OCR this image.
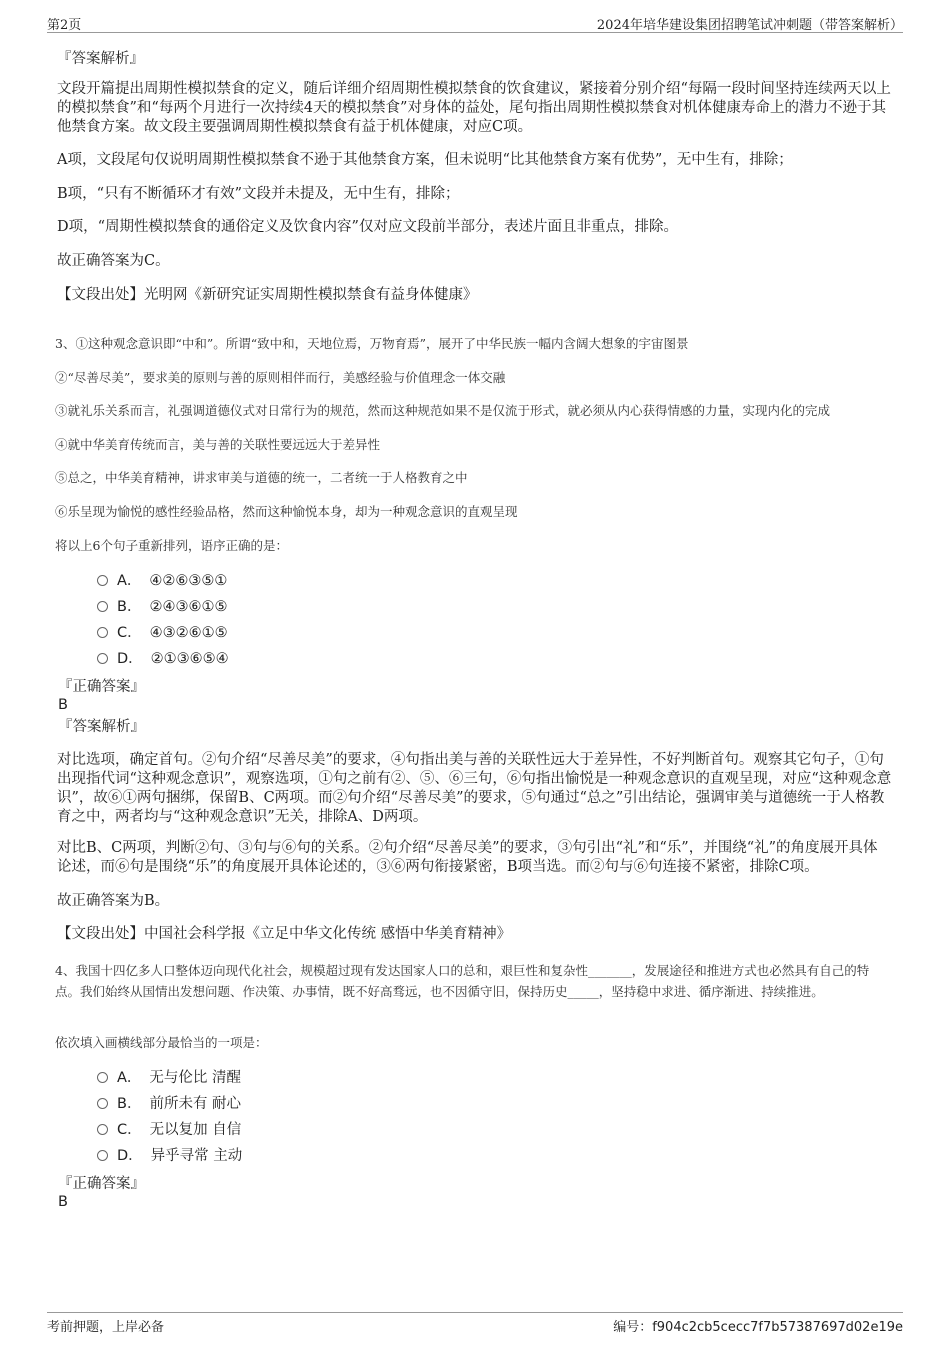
第2页	2024年培华建设集团招聘笔试冲刺题（带答案解析）

『答案解析』

文段开篇提出周期性模拟禁食的定义，随后详细介绍周期性模拟禁食的饮食建议，紧接着分别介绍“每隔一段时间坚持连续两天以上的模拟禁食”和“每两个月进行一次持续4天的模拟禁食”对身体的益处，尾句指出周期性模拟禁食对机体健康寿命上的潜力不逊于其他禁食方案。故文段主要强调周期性模拟禁食有益于机体健康，对应C项。

A项，文段尾句仅说明周期性模拟禁食不逊于其他禁食方案，但未说明“比其他禁食方案有优势”，无中生有，排除；

B项，“只有不断循环才有效”文段并未提及，无中生有，排除；

D项，“周期性模拟禁食的通俗定义及饮食内容”仅对应文段前半部分，表述片面且非重点，排除。

故正确答案为C。

【文段出处】光明网《新研究证实周期性模拟禁食有益身体健康》

3、①这种观念意识即“中和”。所谓“致中和，天地位焉，万物育焉”，展开了中华民族一幅内含阔大想象的宇宙图景

②“尽善尽美”，要求美的原则与善的原则相伴而行，美感经验与价值理念一体交融

③就礼乐关系而言，礼强调道德仪式对日常行为的规范，然而这种规范如果不是仅流于形式，就必须从内心获得情感的力量，实现内化的完成

④就中华美育传统而言，美与善的关联性要远远大于差异性

⑤总之，中华美育精神，讲求审美与道德的统一，二者统一于人格教育之中

⑥乐呈现为愉悦的感性经验品格，然而这种愉悦本身，却为一种观念意识的直观呈现

将以上6个句子重新排列，语序正确的是：

A． ④②⑥③⑤①
B． ②④③⑥①⑤
C． ④③②⑥①⑤
D． ②①③⑥⑤④

『正确答案』

B

『答案解析』

对比选项，确定首句。②句介绍“尽善尽美”的要求，④句指出美与善的关联性远大于差异性，不好判断首句。观察其它句子，①句出现指代词“这种观念意识”，观察选项，①句之前有②、⑤、⑥三句，⑥句指出愉悦是一种观念意识的直观呈现，对应“这种观念意识”，故⑥①两句捆绑，保留B、C两项。而②句介绍“尽善尽美”的要求，⑤句通过“总之”引出结论，强调审美与道德统一于人格教育之中，两者均与“这种观念意识”无关，排除A、D两项。

对比B、C两项，判断②句、③句与⑥句的关系。②句介绍“尽善尽美”的要求，③句引出“礼”和“乐”，并围绕“礼”的角度展开具体论述，而⑥句是围绕“乐”的角度展开具体论述的，③⑥两句衔接紧密，B项当选。而②句与⑥句连接不紧密，排除C项。

故正确答案为B。

【文段出处】中国社会科学报《立足中华文化传统 感悟中华美育精神》

4、我国十四亿多人口整体迈向现代化社会，规模超过现有发达国家人口的总和，艰巨性和复杂性_______，发展途径和推进方式也必然具有自己的特点。我们始终从国情出发想问题、作决策、办事情，既不好高骛远，也不因循守旧，保持历史_____，坚持稳中求进、循序渐进、持续推进。

依次填入画横线部分最恰当的一项是：

A． 无与伦比 清醒
B． 前所未有 耐心
C． 无以复加 自信
D． 异乎寻常 主动

『正确答案』

B

考前押题，上岸必备	编号：f904c2cb5cecc7f7b57387697d02e19e
